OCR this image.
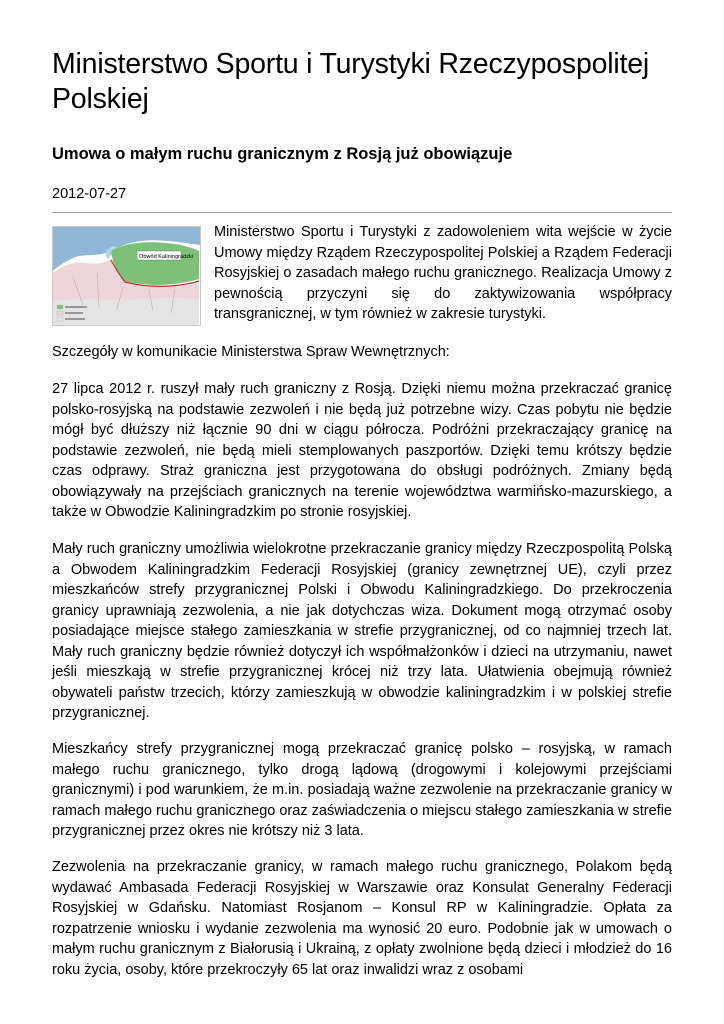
Ministerstwo Sportu i Turystyki Rzeczypospolitej Polskiej
Umowa o małym ruchu granicznym z Rosją już obowiązuje
2012-07-27
Obwód Kaliningradzki

Ministerstwo Sportu i Turystyki z zadowoleniem wita wejście w życie Umowy między Rządem Rzeczypospolitej Polskiej a Rządem Federacji Rosyjskiej o zasadach małego ruchu granicznego. Realizacja Umowy z pewnością przyczyni się do zaktywizowania współpracy transgranicznej, w tym również w zakresie turystyki.

Szczegóły w komunikacie Ministerstwa Spraw Wewnętrznych:

27 lipca 2012 r. ruszył mały ruch graniczny z Rosją. Dzięki niemu można przekraczać granicę polsko-rosyjską na podstawie zezwoleń i nie będą już potrzebne wizy. Czas pobytu nie będzie mógł być dłuższy niż łącznie 90 dni w ciągu półrocza. Podróżni przekraczający granicę na podstawie zezwoleń, nie będą mieli stemplowanych paszportów. Dzięki temu krótszy będzie czas odprawy. Straż graniczna jest przygotowana do obsługi podróżnych. Zmiany będą obowiązywały na przejściach granicznych na terenie województwa warmińsko-mazurskiego, a także w Obwodzie Kaliningradzkim po stronie rosyjskiej.

Mały ruch graniczny umożliwia wielokrotne przekraczanie granicy między Rzeczpospolitą Polską a Obwodem Kaliningradzkim Federacji Rosyjskiej (granicy zewnętrznej UE), czyli przez mieszkańców strefy przygranicznej Polski i Obwodu Kaliningradzkiego. Do przekroczenia granicy uprawniają zezwolenia, a nie jak dotychczas wiza. Dokument mogą otrzymać osoby posiadające miejsce stałego zamieszkania w strefie przygranicznej, od co najmniej trzech lat. Mały ruch graniczny będzie również dotyczył ich współmałżonków i dzieci na utrzymaniu, nawet jeśli mieszkają w strefie przygranicznej krócej niż trzy lata. Ułatwienia obejmują również obywateli państw trzecich, którzy zamieszkują w obwodzie kaliningradzkim i w polskiej strefie przygranicznej.

Mieszkańcy strefy przygranicznej mogą przekraczać granicę polsko – rosyjską, w ramach małego ruchu granicznego, tylko drogą lądową (drogowymi i kolejowymi przejściami granicznymi) i pod warunkiem, że m.in. posiadają ważne zezwolenie na przekraczanie granicy w ramach małego ruchu granicznego oraz zaświadczenia o miejscu stałego zamieszkania w strefie przygranicznej przez okres nie krótszy niż 3 lata.

Zezwolenia na przekraczanie granicy, w ramach małego ruchu granicznego, Polakom będą wydawać Ambasada Federacji Rosyjskiej w Warszawie oraz Konsulat Generalny Federacji Rosyjskiej w Gdańsku. Natomiast Rosjanom – Konsul RP w Kaliningradzie. Opłata za rozpatrzenie wniosku i wydanie zezwolenia ma wynosić 20 euro. Podobnie jak w umowach o małym ruchu granicznym z Białorusią i Ukrainą, z opłaty zwolnione będą dzieci i młodzież do 16 roku życia, osoby, które przekroczyły 65 lat oraz inwalidzi wraz z osobami
